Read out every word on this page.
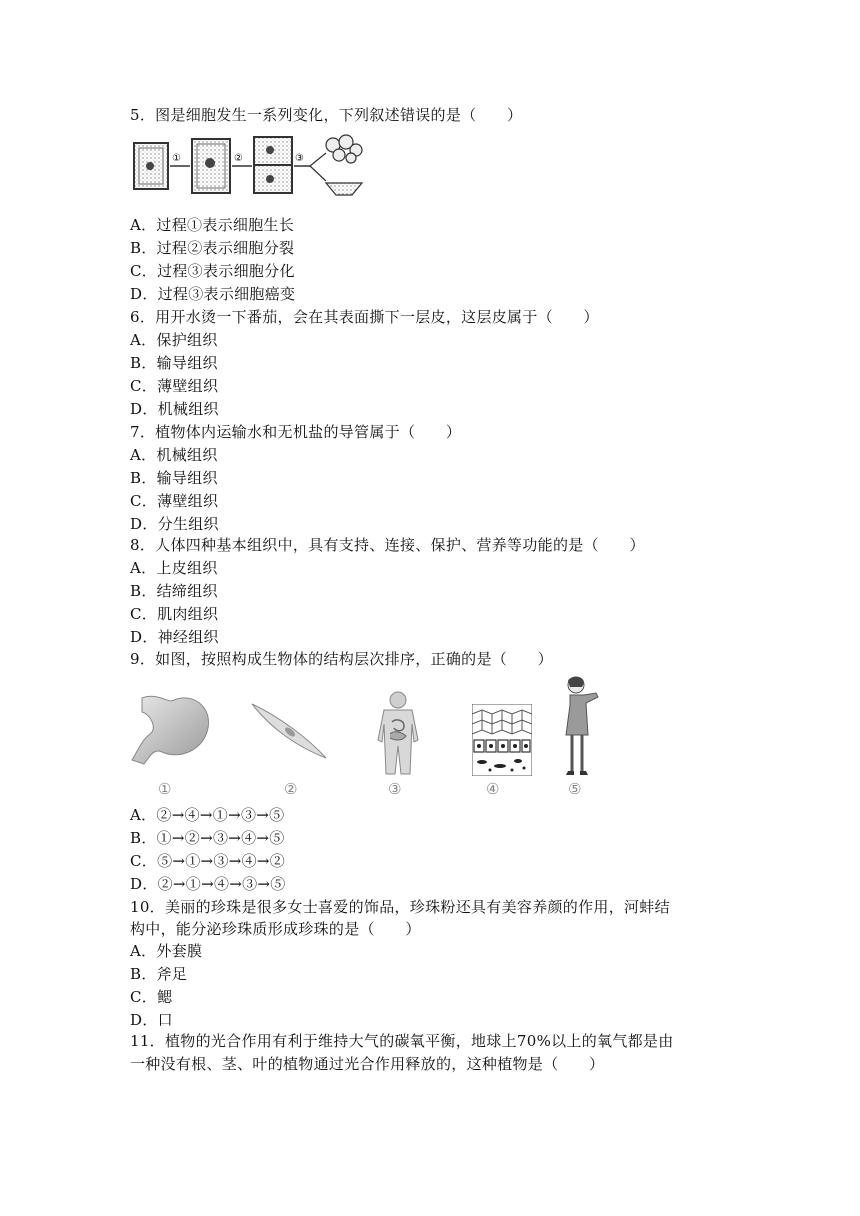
5．图是细胞发生一系列变化，下列叙述错误的是（　　）
①	②	③
A．过程①表示细胞生长
B．过程②表示细胞分裂
C．过程③表示细胞分化
D．过程③表示细胞癌变
6．用开水烫一下番茄，会在其表面撕下一层皮，这层皮属于（　　）
A．保护组织
B．输导组织
C．薄壁组织
D．机械组织
7．植物体内运输水和无机盐的导管属于（　　）
A．机械组织
B．输导组织
C．薄壁组织
D．分生组织
8．人体四种基本组织中，具有支持、连接、保护、营养等功能的是（　　）
A．上皮组织
B．结缔组织
C．肌肉组织
D．神经组织
9．如图，按照构成生物体的结构层次排序，正确的是（　　）
①	②	③	④	⑤
A．②→④→①→③→⑤
B．①→②→③→④→⑤
C．⑤→①→③→④→②
D．②→①→④→③→⑤
10．美丽的珍珠是很多女士喜爱的饰品，珍珠粉还具有美容养颜的作用，河蚌结
构中，能分泌珍珠质形成珍珠的是（　　）
A．外套膜
B．斧足
C．鳃
D．口
11．植物的光合作用有利于维持大气的碳氧平衡，地球上70%以上的氧气都是由
一种没有根、茎、叶的植物通过光合作用释放的，这种植物是（　　）
